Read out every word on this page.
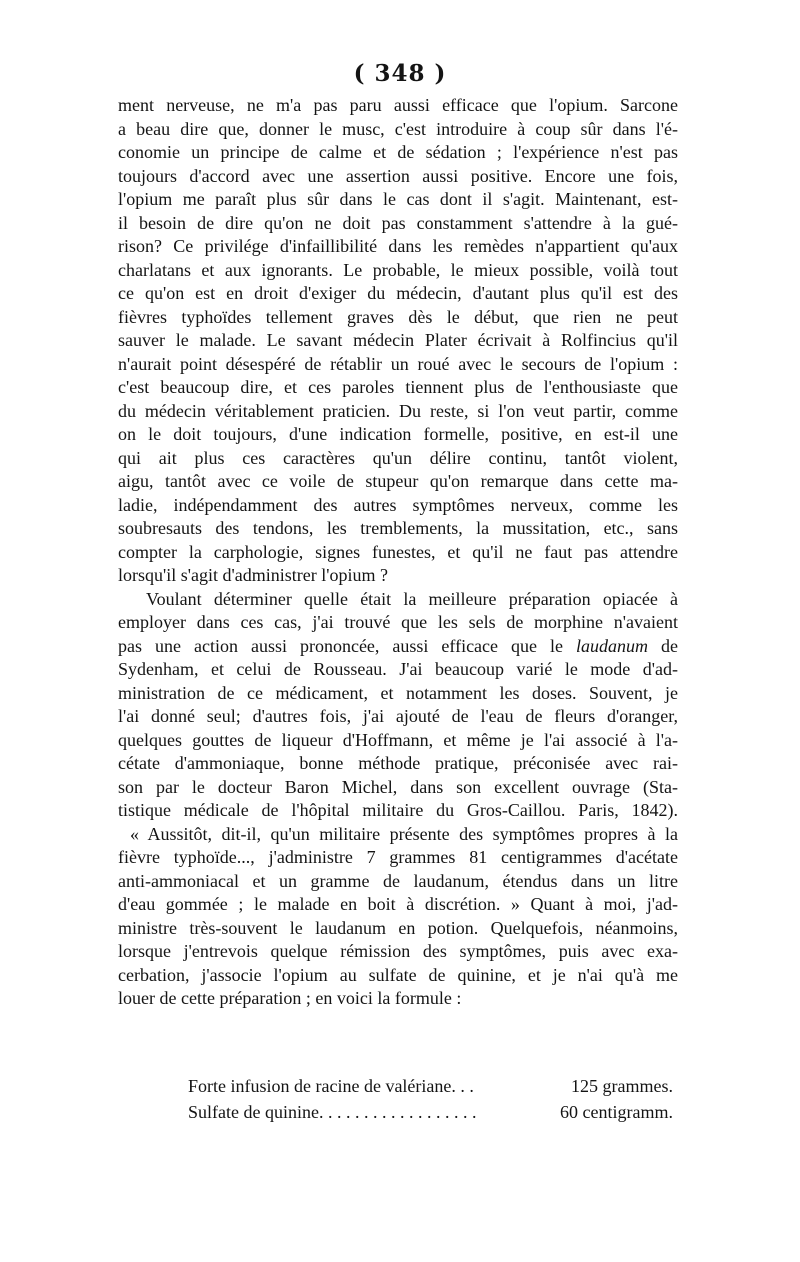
( 348 )
ment nerveuse, ne m'a pas paru aussi efficace que l'opium. Sarcone
a beau dire que, donner le musc, c'est introduire à coup sûr dans l'é-
conomie un principe de calme et de sédation ; l'expérience n'est pas
toujours d'accord avec une assertion aussi positive. Encore une fois,
l'opium me paraît plus sûr dans le cas dont il s'agit. Maintenant, est-
il besoin de dire qu'on ne doit pas constamment s'attendre à la gué-
rison? Ce privilége d'infaillibilité dans les remèdes n'appartient qu'aux
charlatans et aux ignorants. Le probable, le mieux possible, voilà tout
ce qu'on est en droit d'exiger du médecin, d'autant plus qu'il est des
fièvres typhoïdes tellement graves dès le début, que rien ne peut
sauver le malade. Le savant médecin Plater écrivait à Rolfincius qu'il
n'aurait point désespéré de rétablir un roué avec le secours de l'opium :
c'est beaucoup dire, et ces paroles tiennent plus de l'enthousiaste que
du médecin véritablement praticien. Du reste, si l'on veut partir, comme
on le doit toujours, d'une indication formelle, positive, en est-il une
qui ait plus ces caractères qu'un délire continu, tantôt violent,
aigu, tantôt avec ce voile de stupeur qu'on remarque dans cette ma-
ladie, indépendamment des autres symptômes nerveux, comme les
soubresauts des tendons, les tremblements, la mussitation, etc., sans
compter la carphologie, signes funestes, et qu'il ne faut pas attendre
lorsqu'il s'agit d'administrer l'opium ?
Voulant déterminer quelle était la meilleure préparation opiacée à
employer dans ces cas, j'ai trouvé que les sels de morphine n'avaient
pas une action aussi prononcée, aussi efficace que le laudanum de
Sydenham, et celui de Rousseau. J'ai beaucoup varié le mode d'ad-
ministration de ce médicament, et notamment les doses. Souvent, je
l'ai donné seul; d'autres fois, j'ai ajouté de l'eau de fleurs d'oranger,
quelques gouttes de liqueur d'Hoffmann, et même je l'ai associé à l'a-
cétate d'ammoniaque, bonne méthode pratique, préconisée avec rai-
son par le docteur Baron Michel, dans son excellent ouvrage (Sta-
tistique médicale de l'hôpital militaire du Gros-Caillou. Paris, 1842).
« Aussitôt, dit-il, qu'un militaire présente des symptômes propres à la
fièvre typhoïde..., j'administre 7 grammes 81 centigrammes d'acétate
anti-ammoniacal et un gramme de laudanum, étendus dans un litre
d'eau gommée ; le malade en boit à discrétion. » Quant à moi, j'ad-
ministre très-souvent le laudanum en potion. Quelquefois, néanmoins,
lorsque j'entrevois quelque rémission des symptômes, puis avec exa-
cerbation, j'associe l'opium au sulfate de quinine, et je n'ai qu'à me
louer de cette préparation ; en voici la formule :
Forte infusion de racine de valériane. . .	125 grammes.
Sulfate de quinine. . . . . . . . . . . . . . . . . .	60 centigramm.
